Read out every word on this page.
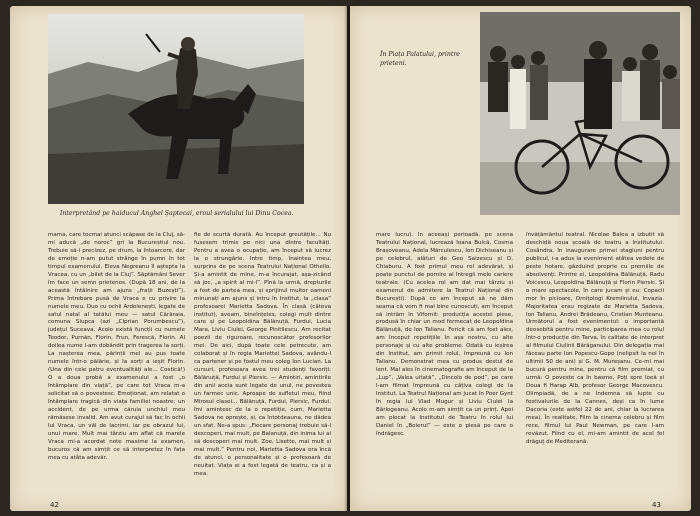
Interpretând pe haiducul Anghel Șaptecai, eroul serialului lui Dinu Cocea.
mama, care tocmai atunci scăpase de la Cluj, să-mi aducă „de noroc” gri la Bucureștiul nou. Trebuie să-i precizez, pe drum, la întoarcere, dar de emoție n-am putut strânge în pumn în tot timpul examenului. Eleva Negreanu îl aștepta la Vracea, cu un „bilet de la Cluj”. Săptămâni Sever îm face un semn prietenos. (După 18 ani, de la această întâlnire am ajuns „frații Buzești”). Prima întrebare pusă de Vraca e cu privire la numele meu. Duo cu ochii Ardelenești, legate de satul natal al tatălui meu — satul Cărăraia, comuna Siupca (azi „Ciprian Porumbescu”), județul Suceava. Acolo există funcții cu numele Teodor, Purnăn, Florin, Frun, Ferescă, Florin. Al doilea nume l-am dobândit prin tragerea la sorți. La nașterea mea, părinții mei au pus toate numele într-o pălărie, și la sorți a ieșit Florin. (Una din cele patru eventualități ale... Costică!) O a doua probă a examenului a fost „o întâmplare din viață”, pe care tot Vraca m-a solicitat să o povestesc. Emoționat, am relatat o întâmplare tragică din viața familiei noastre: un accident, de pe urma căruia unchiul meu rămăsese invalid. Am avut curajul să fac în ochii lui Vraca, un văl de lacrimi, iar pe obrazul lui, unul mare. Mult mai târziu am aflat că marele Vraca mi-a acordat note maxime la examen, bucuros că am simțit ce să interpretez în fața mea cu atâta adevăr.
fie de scurtă durată. Au început greutățile... Nu fusesem trimis pe nici una dintre facultăți. Pentru a avea o ocupație, am început să lucrez la o strungărie. Intre timp, înaintea meu, surprins de pe scena Teatrului Național Othello. Și-a amintit de mine, m-a încurajat, așa-zicând să joc, „a spirit al mi-l”. Pînă la urmă, drepturile a fost de partea mea, și sprijinul multor oameni minunați am ajuns și intru în Institut, la „clasa” profesoarei Marietta Sadova. În clasă (câteva institut), aveam, bineînțeles, colegi mult dintre care și pe Leopoldina Bălănuță, Furdui, Lucia Mara, Liviu Ciulei, George Pinitilescu. Am recitat poezii de riguroare, recunoscător profesorilor mei. De aici, după toate cele petrecute, am colaborat și în regia Mariettei Sadova, avându-l ca partener și pe fostul meu coleg Ion Lucian. La cursuri, profesoara avea trei studenți favoriți: Bălănuță, Furdui și Piersic. — Amintiri, amintirile din anii aceia sunt legate de unul, ne povestea un farmec unic. Aproape de sufletul meu, fiind Mirosul clasei... Bălănuță, Furdui, Piersic, Furdui, îmi amintesc de la o repetiție, cum, Marietta Sadova ne oprește, și, ca întotdeauna, ne dădea un sfat. Ne-a spus: „Fiecare personaj trebuie să-l descoperi, mai mult, pe Balanuță, din inima lui ai să descoperi mai mult. Zoe, Lisette, mai mult și mai mult.” Pentru noi, Marietta Sadova era încă de atunci, o personalitate și o profesoară de neuitat. Viața ei a fost legată de teatru, ca și a mea.
42
În Piața Palatului, printre
prieteni.
mare lucru). În aceeași perioadă, pe scena Teatrului Național, lucrează Ioana Bulcă, Cosma Brașoveanu, Adela Mărculescu, Ion Dichiseanu și pe celebrul, alături de Geo Saizescu și D. Chiaburu. A fost primul meu rol adevărat, și poate punctul de pornire al întregii mele cariere teatrale. (Cu acelea rol am dat mai târziu și examenul de admitere la Teatrul Național din București). După ce am început să ne dăm seama că vom fi mai bine cunoscuți, am început să intrăm în Vifornit: producția acestei piese, produsă în chiar un mod fermecat de Leopoldina Bălănuță, de Ion Talianu. Fericit că am fost ales, am început repetițiile în așa nostru, cu alte personaje și cu alte probleme. Odată cu ieșirea din Institut, am primit rolul, împreună cu Ion Talianu. Demonstrat mea cu produs destul de lent. Mai ales în cinematografie am început de la „Lup”, „Valea uitată”, „Dincolo de pod”, pe care l-am filmat împreună cu câțiva colegi de la Institut. La Teatrul Național am jucat în Poer Gynt în regia lui Vlad Mugur și Liviu Ciulei la Bârlogeanu. Acolo m-am simțit ca un prinț. Apoi am plecat la Institutul de Teatru în rolul lui Daniel în „Boierul” — este o piesă pe care o îndrăgesc.
învățământul teatral. Nicolae Balea a izbutit să deschidă noua școală de teatru a Institutului. Cosândra, în inaugurare primei stagiuni pentru publicul, i-a adus la eveniment atâtea vedete de peste hotare, gâzduind proprie cu premiile de absolvenți. Printre ei, Leopoldina Bălănuță, Radu Voicescu, Leopoldina Bălănuță și Florin Piersic. Și o mare spectacole, în care jucam și eu: Copacii mor în picioare, Ornițologi Kremlinului, Invazia. Majoritatea erau regizate de Marietta Sadova, Ion Talianu, Andrei Brădeanu, Cristian Munteanu. Următorul a fost evenimentul: o importantă deosebită pentru mine, participarea mea cu rolul într-o producție din Tarva, în calitate de interpret al filmului Ciulinii Bărăganului. Din delegația mai făceau parte Ion Popescu-Gopo (nelipsit la noi în ultimii 50 de ani) și G. M. Mureșanu. Ce-mi mai bucură pentru mine, pentru că film premiat, cu urmă: O poveste ca în basme, Poți spre Ioeă și Doua fi Harap Alb, profesor George Macovescu. Olimpiadă, de a ne îndemna să lupte cu festivalurile de la Cannes, deși ca în lume Dacoria (este astfel 22 de ani, chiar la lucrarea mea). În realitate, Film la cinema celebru și film rece, filmul lui Paul Newman, pe care l-am revăzut. Fiind cu el, mi-am amintit de acel fel drăguț de Mediterană.
43
